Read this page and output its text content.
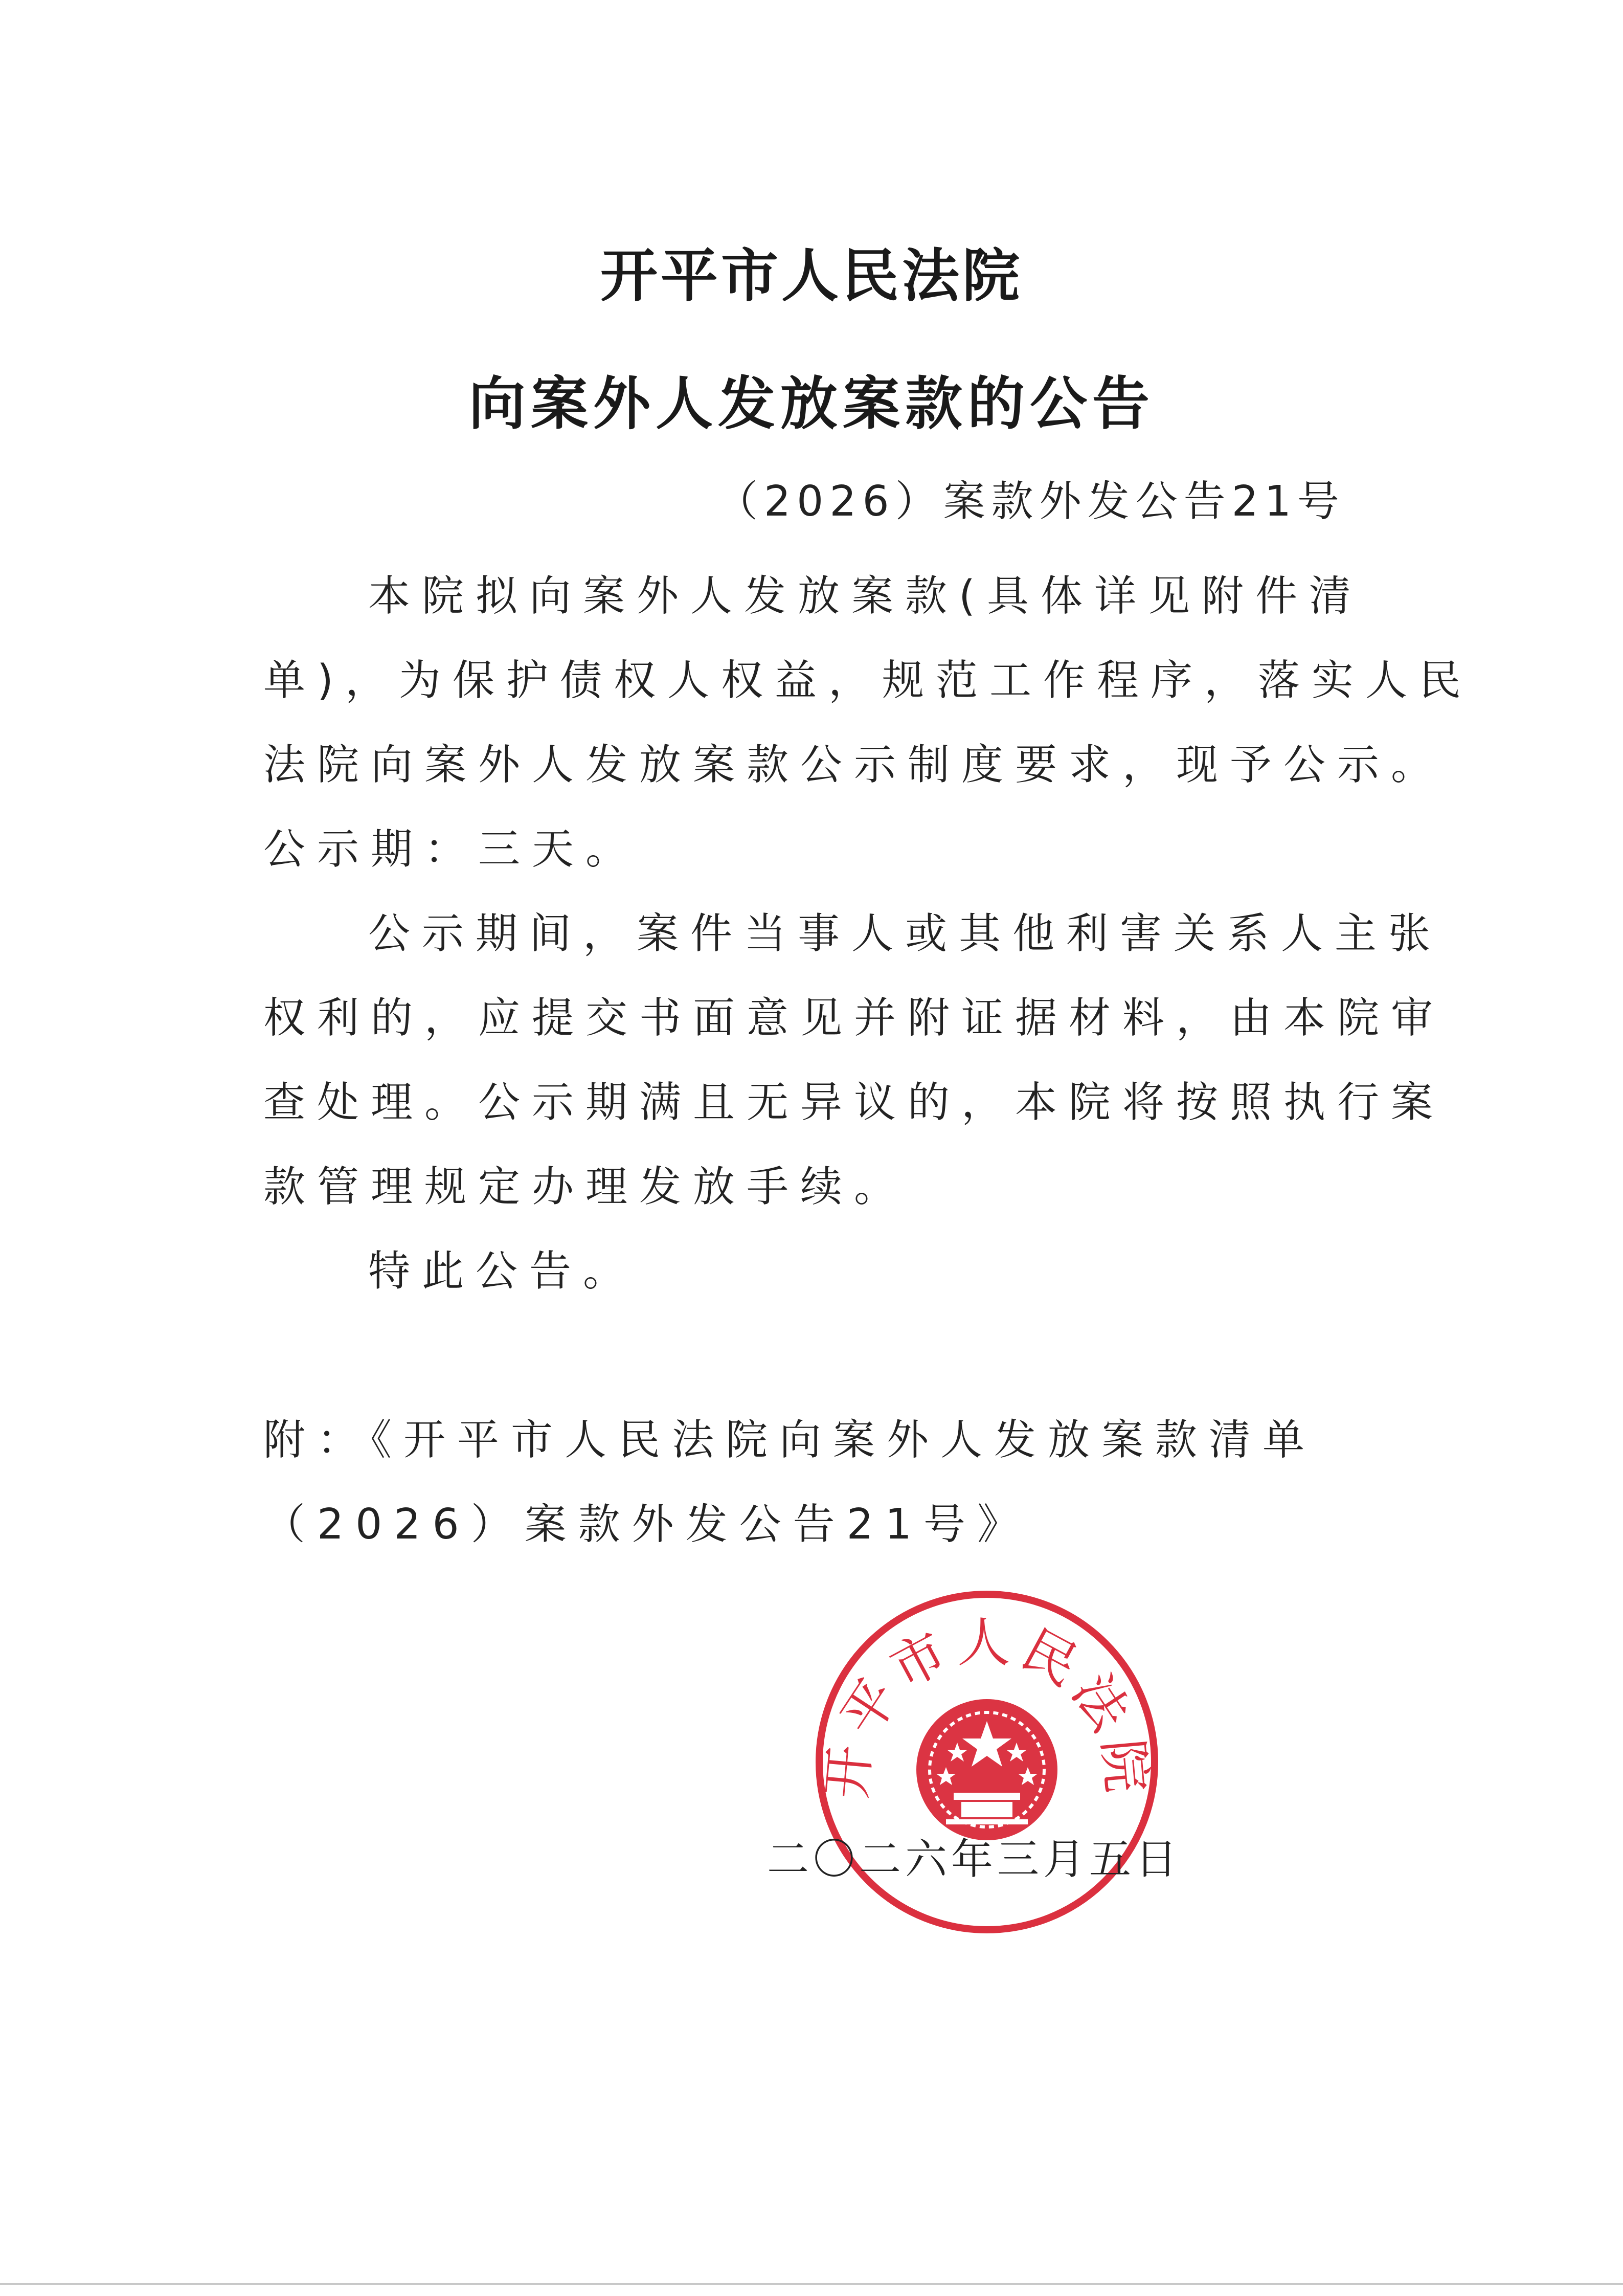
开平市人民法院
向案外人发放案款的公告
（2026）案款外发公告21号
本院拟向案外人发放案款(具体详见附件清
单)，为保护债权人权益，规范工作程序，落实人民
法院向案外人发放案款公示制度要求，现予公示。
公示期：三天。
公示期间，案件当事人或其他利害关系人主张
权利的，应提交书面意见并附证据材料，由本院审
查处理。公示期满且无异议的，本院将按照执行案
款管理规定办理发放手续。
特此公告。
附：《开平市人民法院向案外人发放案款清单
（2026）案款外发公告21号》
开平市人民法院
二〇二六年三月五日
